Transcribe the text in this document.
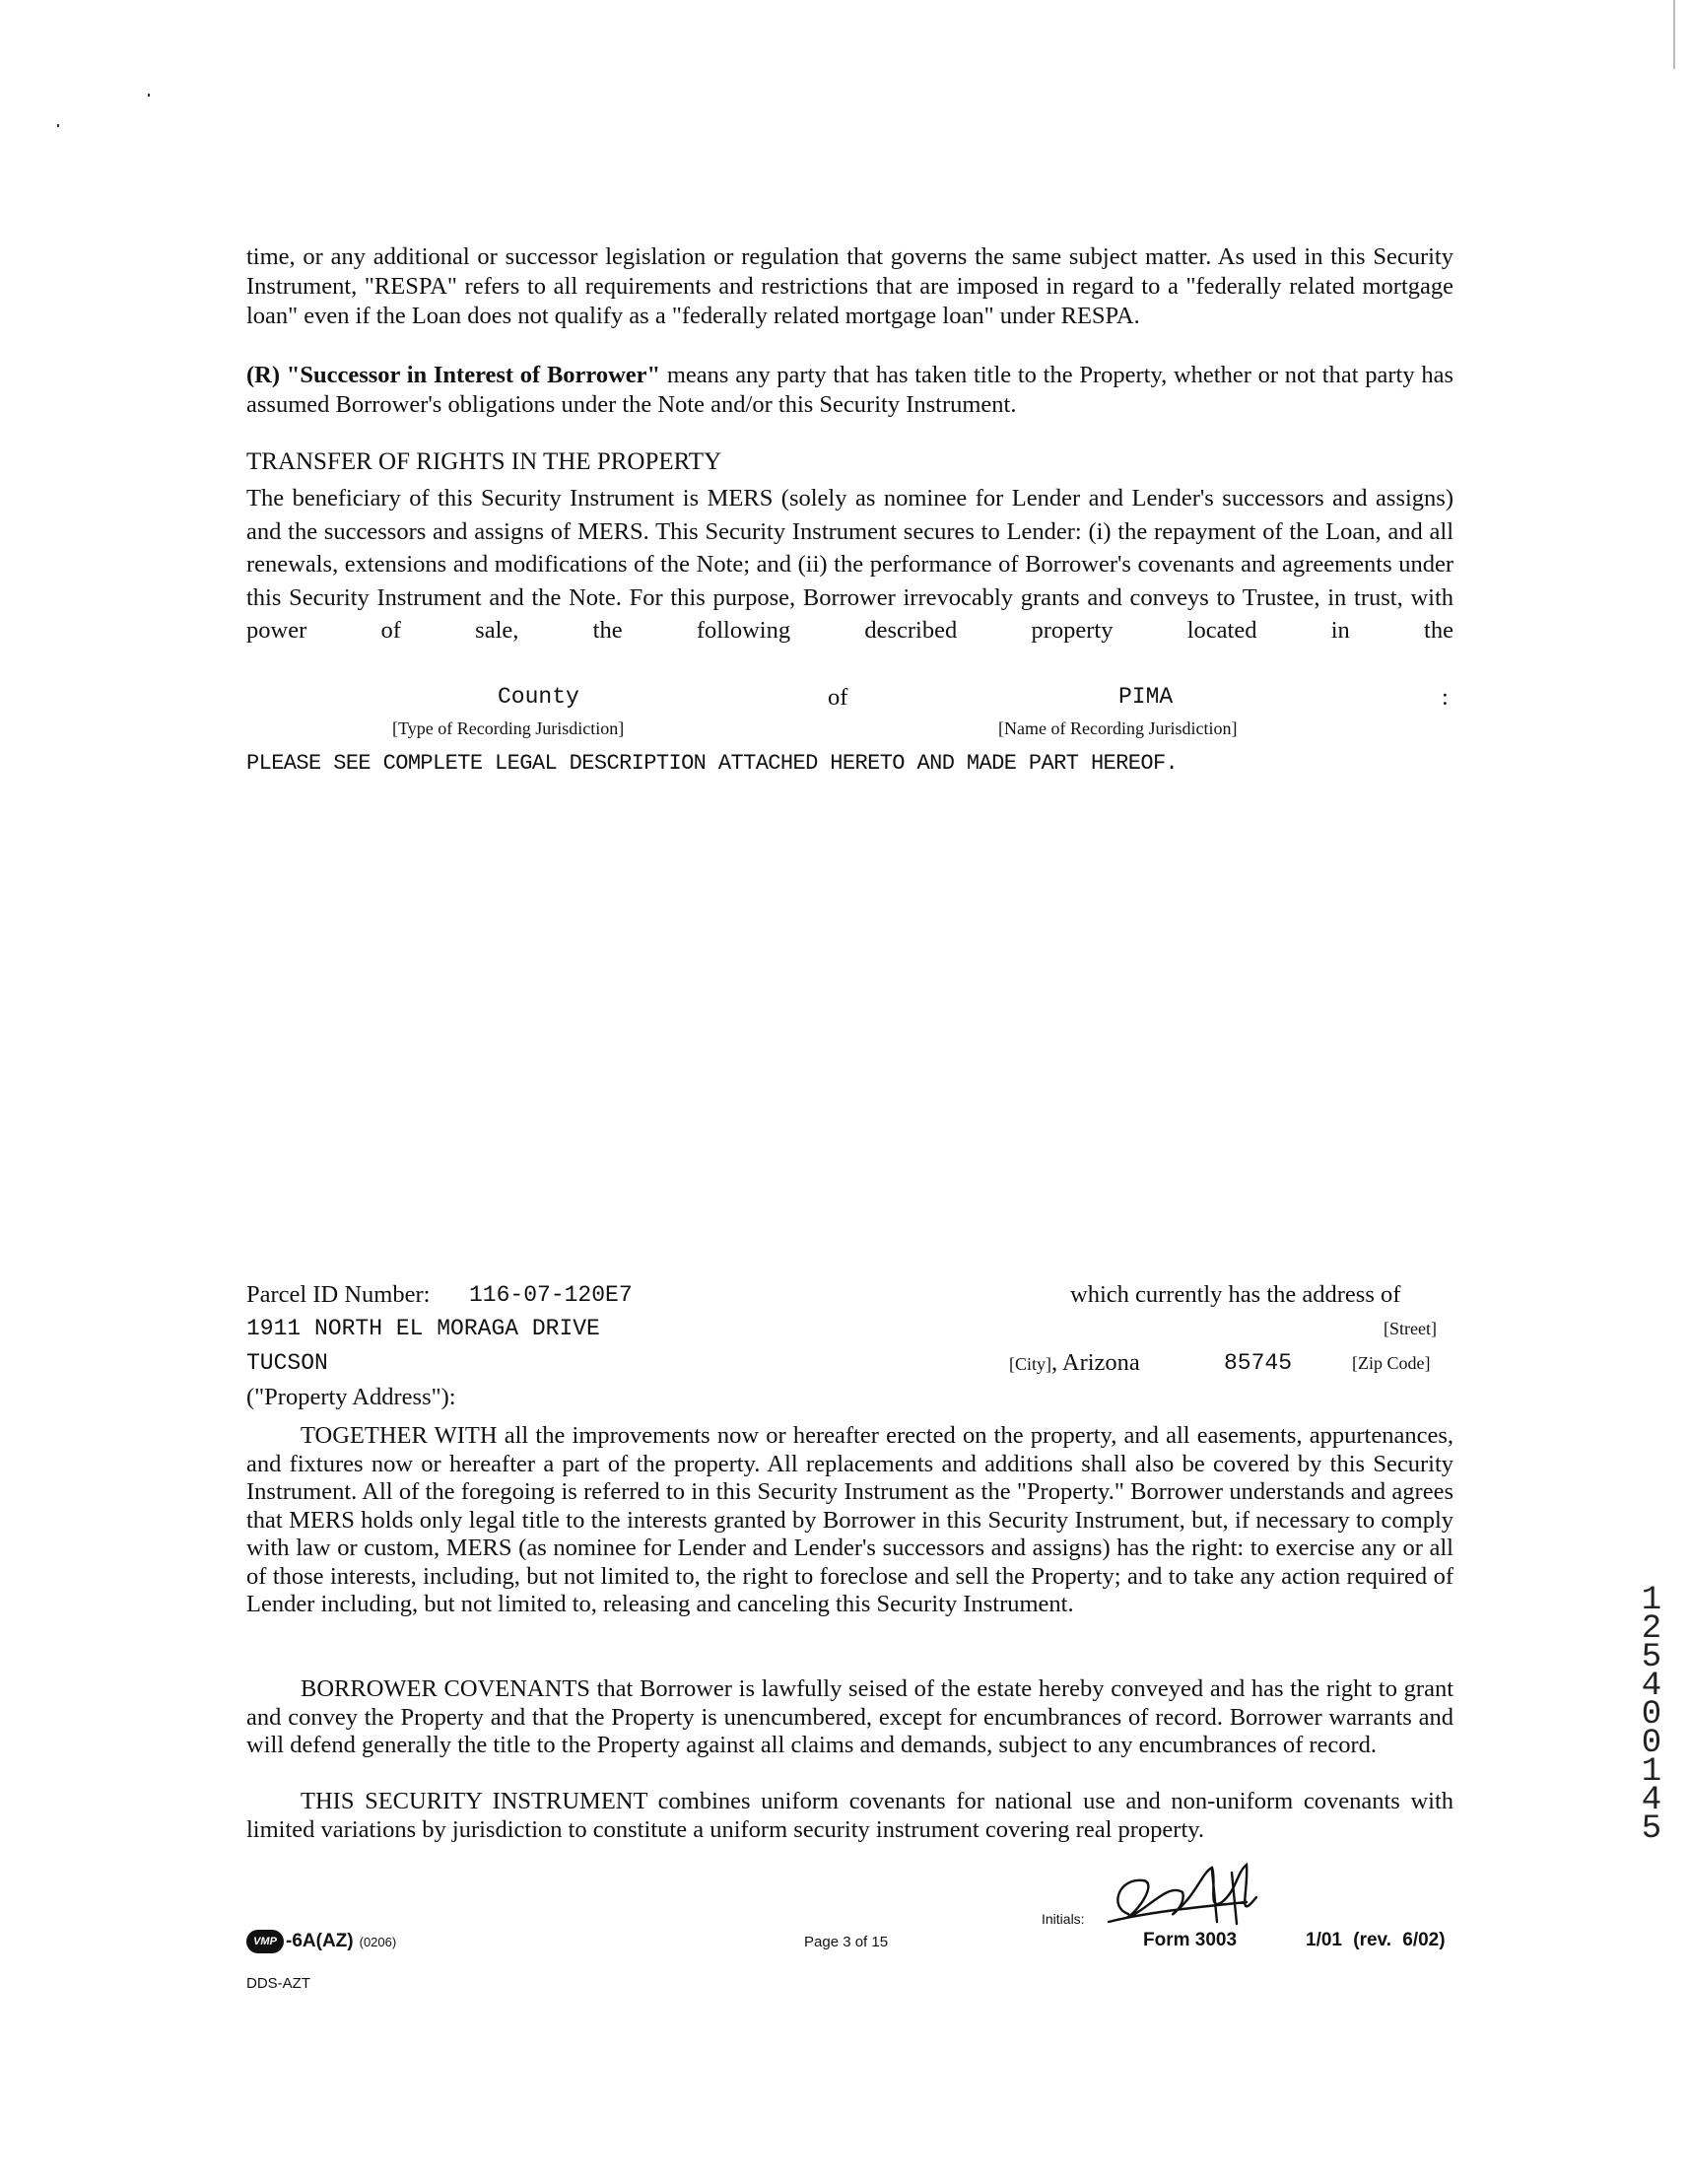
time, or any additional or successor legislation or regulation that governs the same subject matter. As used in this Security Instrument, "RESPA" refers to all requirements and restrictions that are imposed in regard to a "federally related mortgage loan" even if the Loan does not qualify as a "federally related mortgage loan" under RESPA.
(R) "Successor in Interest of Borrower" means any party that has taken title to the Property, whether or not that party has assumed Borrower's obligations under the Note and/or this Security Instrument.
TRANSFER OF RIGHTS IN THE PROPERTY
The beneficiary of this Security Instrument is MERS (solely as nominee for Lender and Lender's successors and assigns) and the successors and assigns of MERS. This Security Instrument secures to Lender: (i) the repayment of the Loan, and all renewals, extensions and modifications of the Note; and (ii) the performance of Borrower's covenants and agreements under this Security Instrument and the Note. For this purpose, Borrower irrevocably grants and conveys to Trustee, in trust, with power of sale, the following described property located in the
County	of	PIMA	:
[Type of Recording Jurisdiction]	[Name of Recording Jurisdiction]
PLEASE SEE COMPLETE LEGAL DESCRIPTION ATTACHED HERETO AND MADE PART HEREOF.
Parcel ID Number: 116-07-120E7	which currently has the address of
1911 NORTH EL MORAGA DRIVE	[Street]
TUCSON	[City], Arizona	85745	[Zip Code]
("Property Address"):
TOGETHER WITH all the improvements now or hereafter erected on the property, and all easements, appurtenances, and fixtures now or hereafter a part of the property. All replacements and additions shall also be covered by this Security Instrument. All of the foregoing is referred to in this Security Instrument as the "Property." Borrower understands and agrees that MERS holds only legal title to the interests granted by Borrower in this Security Instrument, but, if necessary to comply with law or custom, MERS (as nominee for Lender and Lender's successors and assigns) has the right: to exercise any or all of those interests, including, but not limited to, the right to foreclose and sell the Property; and to take any action required of Lender including, but not limited to, releasing and canceling this Security Instrument.
BORROWER COVENANTS that Borrower is lawfully seised of the estate hereby conveyed and has the right to grant and convey the Property and that the Property is unencumbered, except for encumbrances of record. Borrower warrants and will defend generally the title to the Property against all claims and demands, subject to any encumbrances of record.
THIS SECURITY INSTRUMENT combines uniform covenants for national use and non-uniform covenants with limited variations by jurisdiction to constitute a uniform security instrument covering real property.
VMP -6A(AZ) (0206)
DDS-AZT
Page 3 of 15
Initials:
Form 3003	1/01 (rev. 6/02)
12540 0145
